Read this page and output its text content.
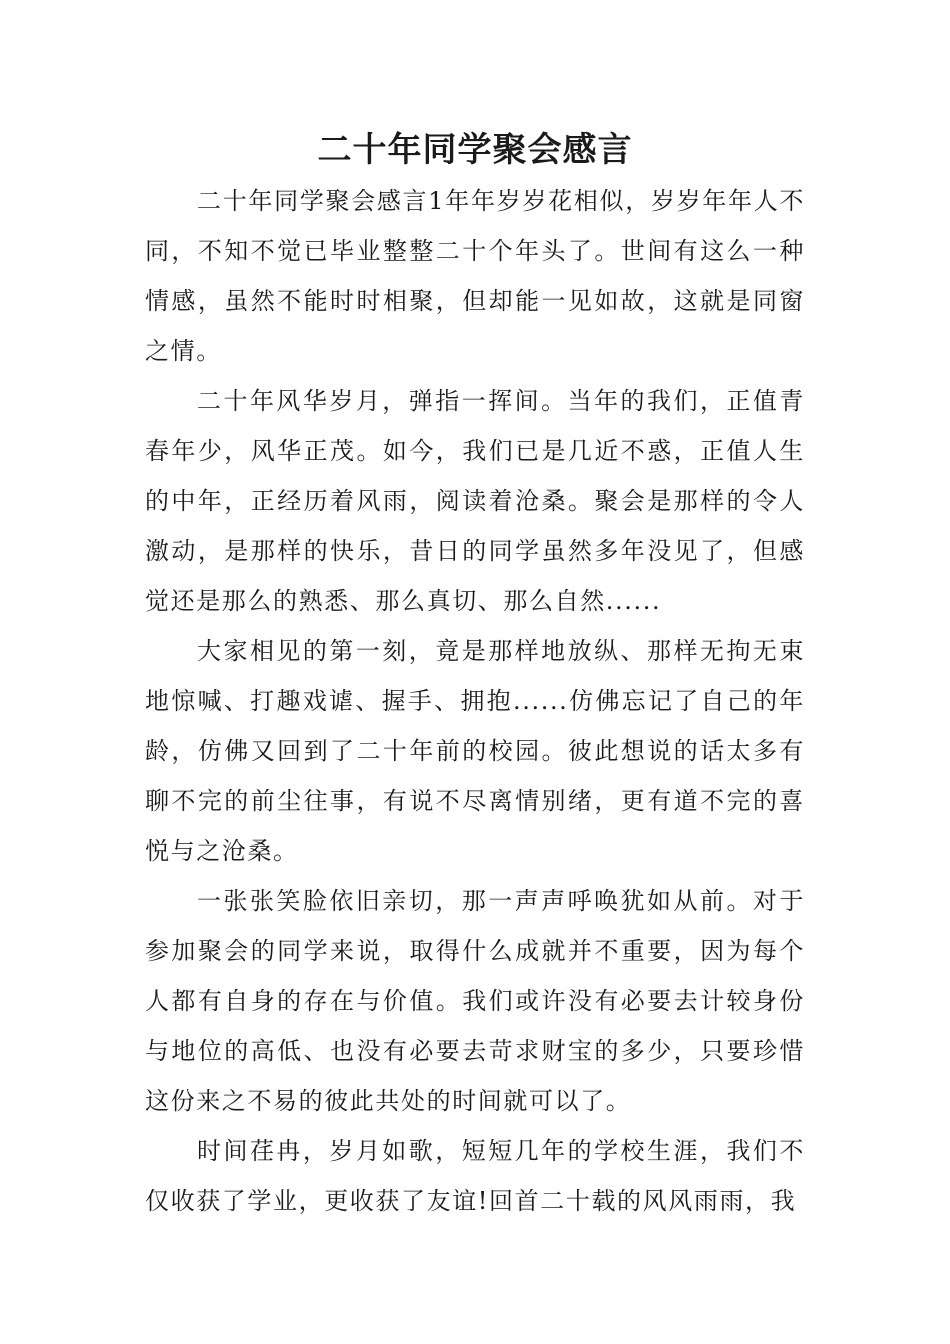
二十年同学聚会感言

二十年同学聚会感言1年年岁岁花相似，岁岁年年人不同，不知不觉已毕业整整二十个年头了。世间有这么一种情感，虽然不能时时相聚，但却能一见如故，这就是同窗之情。

二十年风华岁月，弹指一挥间。当年的我们，正值青春年少，风华正茂。如今，我们已是几近不惑，正值人生的中年，正经历着风雨，阅读着沧桑。聚会是那样的令人激动，是那样的快乐，昔日的同学虽然多年没见了，但感觉还是那么的熟悉、那么真切、那么自然......

大家相见的第一刻，竟是那样地放纵、那样无拘无束地惊喊、打趣戏谑、握手、拥抱......仿佛忘记了自己的年龄，仿佛又回到了二十年前的校园。彼此想说的话太多有聊不完的前尘往事，有说不尽离情别绪，更有道不完的喜悦与之沧桑。

一张张笑脸依旧亲切，那一声声呼唤犹如从前。对于参加聚会的同学来说，取得什么成就并不重要，因为每个人都有自身的存在与价值。我们或许没有必要去计较身份与地位的高低、也没有必要去苛求财宝的多少，只要珍惜这份来之不易的彼此共处的时间就可以了。

时间荏冉，岁月如歌，短短几年的学校生涯，我们不仅收获了学业，更收获了友谊!回首二十载的风风雨雨，我
